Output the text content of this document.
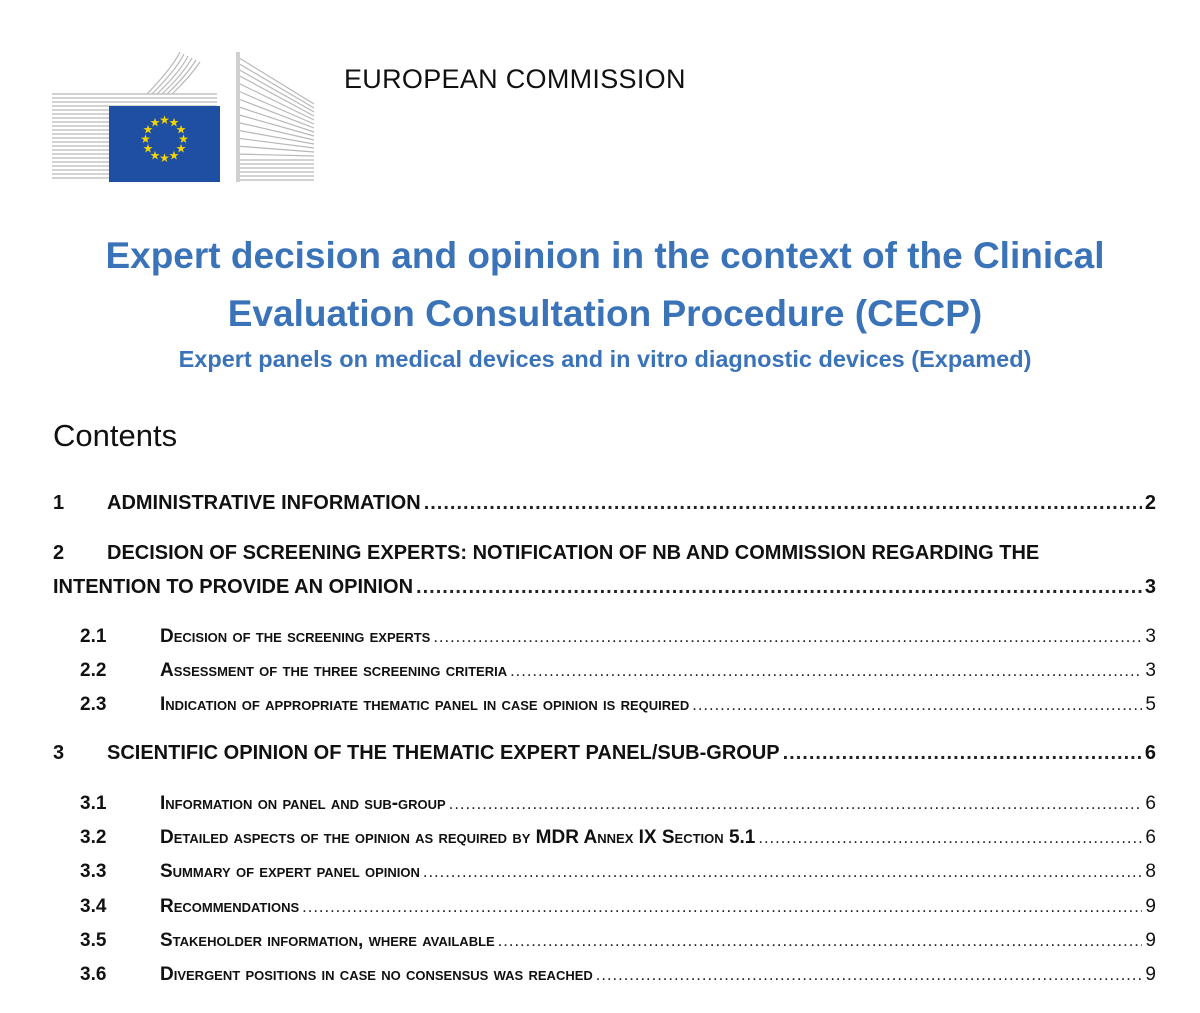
★
★
★
★
★
★
★
★
★
★
★
★
EUROPEAN COMMISSION
Expert decision and opinion in the context of the Clinical
Evaluation Consultation Procedure (CECP)

Expert panels on medical devices and in vitro diagnostic devices (Expamed)

Contents
1	ADMINISTRATIVE INFORMATION .....	2
2	DECISION OF SCREENING EXPERTS: NOTIFICATION OF NB AND COMMISSION REGARDING THE
INTENTION TO PROVIDE AN OPINION .....	3
2.1	Decision of the screening experts .....	3
2.2	Assessment of the three screening criteria .....	3
2.3	Indication of appropriate thematic panel in case opinion is required .....	5
3	SCIENTIFIC OPINION OF THE THEMATIC EXPERT PANEL/SUB-GROUP .....	6
3.1	Information on panel and sub-group .....	6
3.2	Detailed aspects of the opinion as required by MDR Annex IX Section 5.1 .....	6
3.3	Summary of expert panel opinion .....	8
3.4	Recommendations .....	9
3.5	Stakeholder information, where available .....	9
3.6	Divergent positions in case no consensus was reached .....	9
